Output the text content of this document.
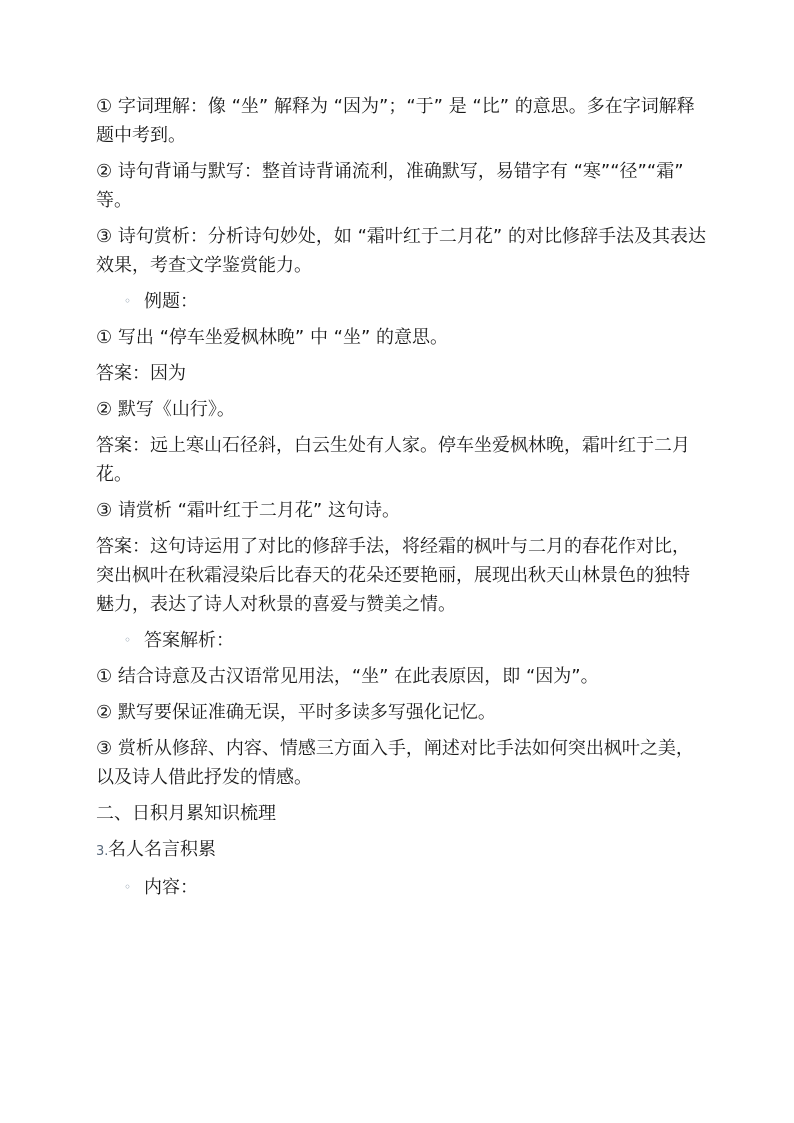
① 字词理解：像 “坐” 解释为 “因为”；“于” 是 “比” 的意思。多在字词解释题中考到。

② 诗句背诵与默写：整首诗背诵流利，准确默写，易错字有 “寒”“径”“霜” 等。

③ 诗句赏析：分析诗句妙处，如 “霜叶红于二月花” 的对比修辞手法及其表达效果，考查文学鉴赏能力。

◦ 例题：

① 写出 “停车坐爱枫林晚” 中 “坐” 的意思。

答案：因为

② 默写《山行》。

答案：远上寒山石径斜，白云生处有人家。停车坐爱枫林晚，霜叶红于二月花。

③ 请赏析 “霜叶红于二月花” 这句诗。

答案：这句诗运用了对比的修辞手法，将经霜的枫叶与二月的春花作对比，突出枫叶在秋霜浸染后比春天的花朵还要艳丽，展现出秋天山林景色的独特魅力，表达了诗人对秋景的喜爱与赞美之情。

◦ 答案解析：

① 结合诗意及古汉语常见用法，“坐” 在此表原因，即 “因为”。

② 默写要保证准确无误，平时多读多写强化记忆。

③ 赏析从修辞、内容、情感三方面入手，阐述对比手法如何突出枫叶之美，以及诗人借此抒发的情感。

二、日积月累知识梳理

3. 名人名言积累
◦ 内容：
